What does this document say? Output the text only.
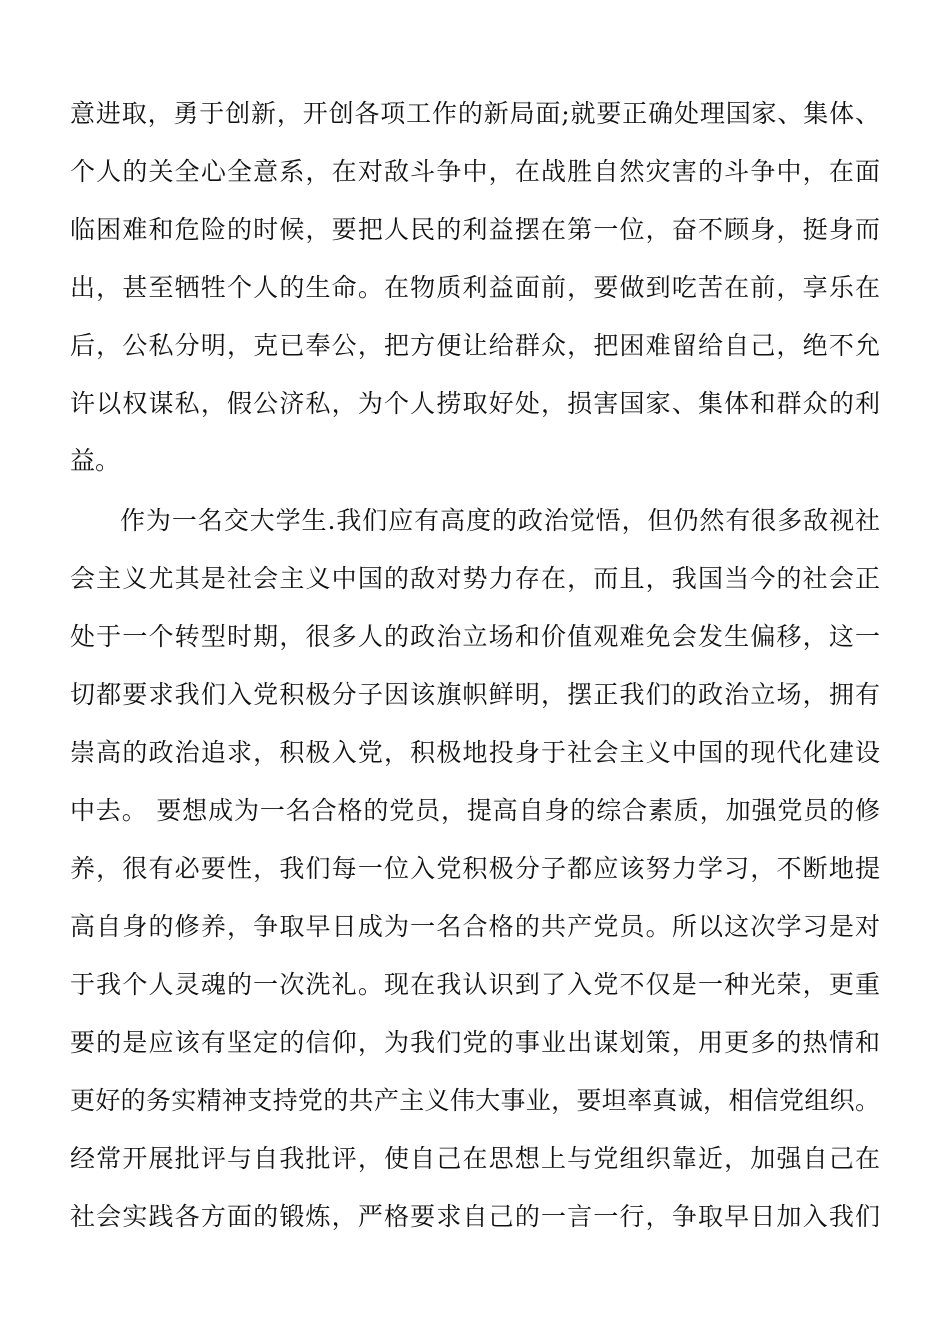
意进取，勇于创新，开创各项工作的新局面;就要正确处理国家、集体、
个人的关全心全意系，在对敌斗争中，在战胜自然灾害的斗争中，在面
临困难和危险的时候，要把人民的利益摆在第一位，奋不顾身，挺身而
出，甚至牺牲个人的生命。在物质利益面前，要做到吃苦在前，享乐在
后，公私分明，克已奉公，把方便让给群众，把困难留给自己，绝不允
许以权谋私，假公济私，为个人捞取好处，损害国家、集体和群众的利
益。
作为一名交大学生.我们应有高度的政治觉悟，但仍然有很多敌视社
会主义尤其是社会主义中国的敌对势力存在，而且，我国当今的社会正
处于一个转型时期，很多人的政治立场和价值观难免会发生偏移，这一
切都要求我们入党积极分子因该旗帜鲜明，摆正我们的政治立场，拥有
崇高的政治追求，积极入党，积极地投身于社会主义中国的现代化建设
中去。 要想成为一名合格的党员，提高自身的综合素质，加强党员的修
养，很有必要性，我们每一位入党积极分子都应该努力学习，不断地提
高自身的修养，争取早日成为一名合格的共产党员。所以这次学习是对
于我个人灵魂的一次洗礼。现在我认识到了入党不仅是一种光荣，更重
要的是应该有坚定的信仰，为我们党的事业出谋划策，用更多的热情和
更好的务实精神支持党的共产主义伟大事业，要坦率真诚，相信党组织。
经常开展批评与自我批评，使自己在思想上与党组织靠近，加强自己在
社会实践各方面的锻炼，严格要求自己的一言一行，争取早日加入我们
